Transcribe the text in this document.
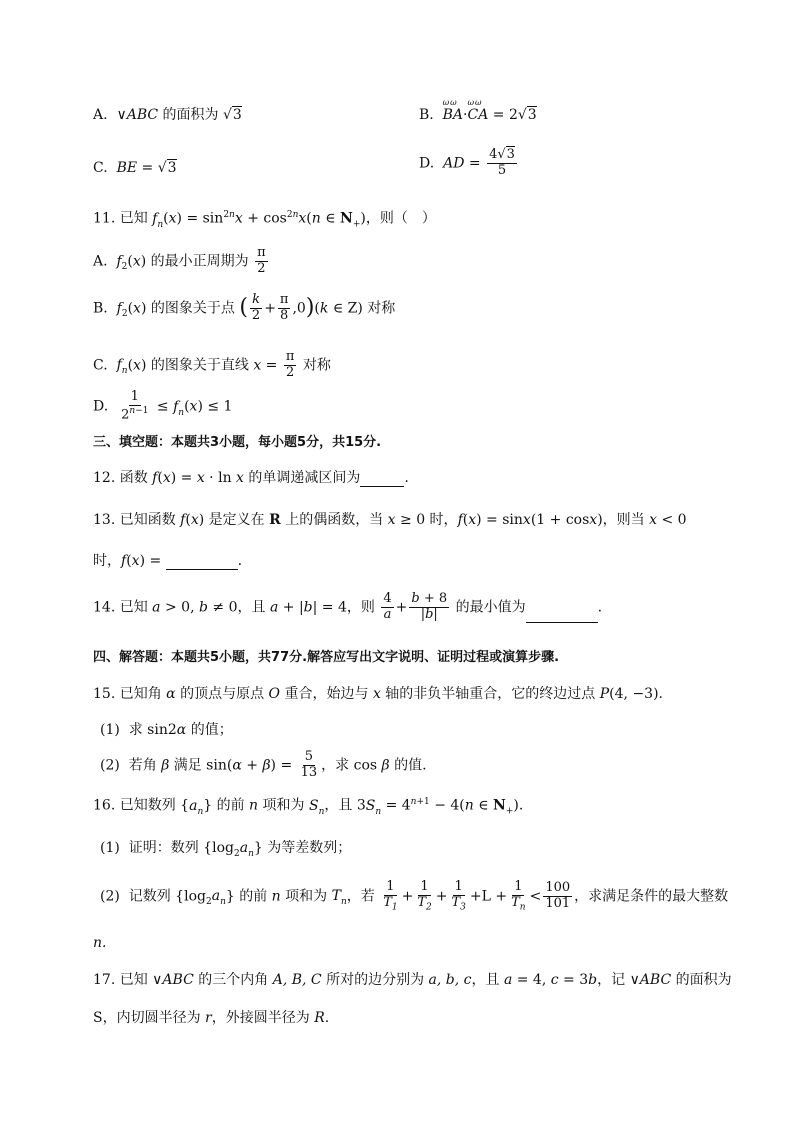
A.  ∨ABC 的面积为 √3	B.  ωω BA·ωω CA = 2√3
C.  BE = √3	D.  AD = $\frac{4√3}{5}$
11. 已知 $f_n(x) = \sin^{2n}x + \cos^{2n}x(n$ ∈ $N_+$)，则（　）
A.  $f_2(x)$ 的最小正周期为 $\frac{\pi}{2}$
B.  $f_2(x)$ 的图象关于点 ( $\frac{k}{2} + \frac{\pi}{8} ,0)(k$ ∈ Z) 对称
C.  $f_n(x)$ 的图象关于直线 $x = \frac{\pi}{2}$ 对称
D. $\frac{1}{2^{n-1}} \le f_n(x) \le 1$
三、填空题：本题共3小题，每小题5分，共15分.
12. 函数 f(x) = x · ln x 的单调递减区间为	.
13. 已知函数 f(x) 是定义在 R 上的偶函数，当 x ≥ 0 时，f(x) = sinx(1 + cosx)，则当 x < 0
时，f(x) =	.
14. 已知 a > 0, b ≠ 0，且 a + |b| = 4，则 $\frac{4}{a} + \frac{b + 8}{|b|}$ 的最小值为	.
四、解答题：本题共5小题，共77分.解答应写出文字说明、证明过程或演算步骤.
15. 已知角 α 的顶点与原点 O 重合，始边与 x 轴的非负半轴重合，它的终边过点 P(4, −3).
(1)  求 sin2α 的值；
(2)  若角 β 满足 $\sin(\alpha + \beta) = \frac{5}{13}$ ，求 cos β 的值.
16. 已知数列 $\{a_n\}$ 的前 n 项和为 $S_n$，且 $3S_n = 4^{n+1} - 4(n$ ∈ $N_+$).
(1)  证明：数列 $\{\log_2a_n\}$ 为等差数列；
(2)  记数列 $\{\log_2a_n\}$ 的前 n 项和为 $T_n$，若 $\frac{1}{T_1} + \frac{1}{T_2} + \frac{1}{T_3} +L + \frac{1}{T_n} < \frac{100}{101}$ ，求满足条件的最大整数
n.
17. 已知 ∨ABC 的三个内角 A, B, C 所对的边分别为 a, b, c，且 a = 4, c = 3b，记 ∨ABC 的面积为
S，内切圆半径为 r，外接圆半径为 R.
